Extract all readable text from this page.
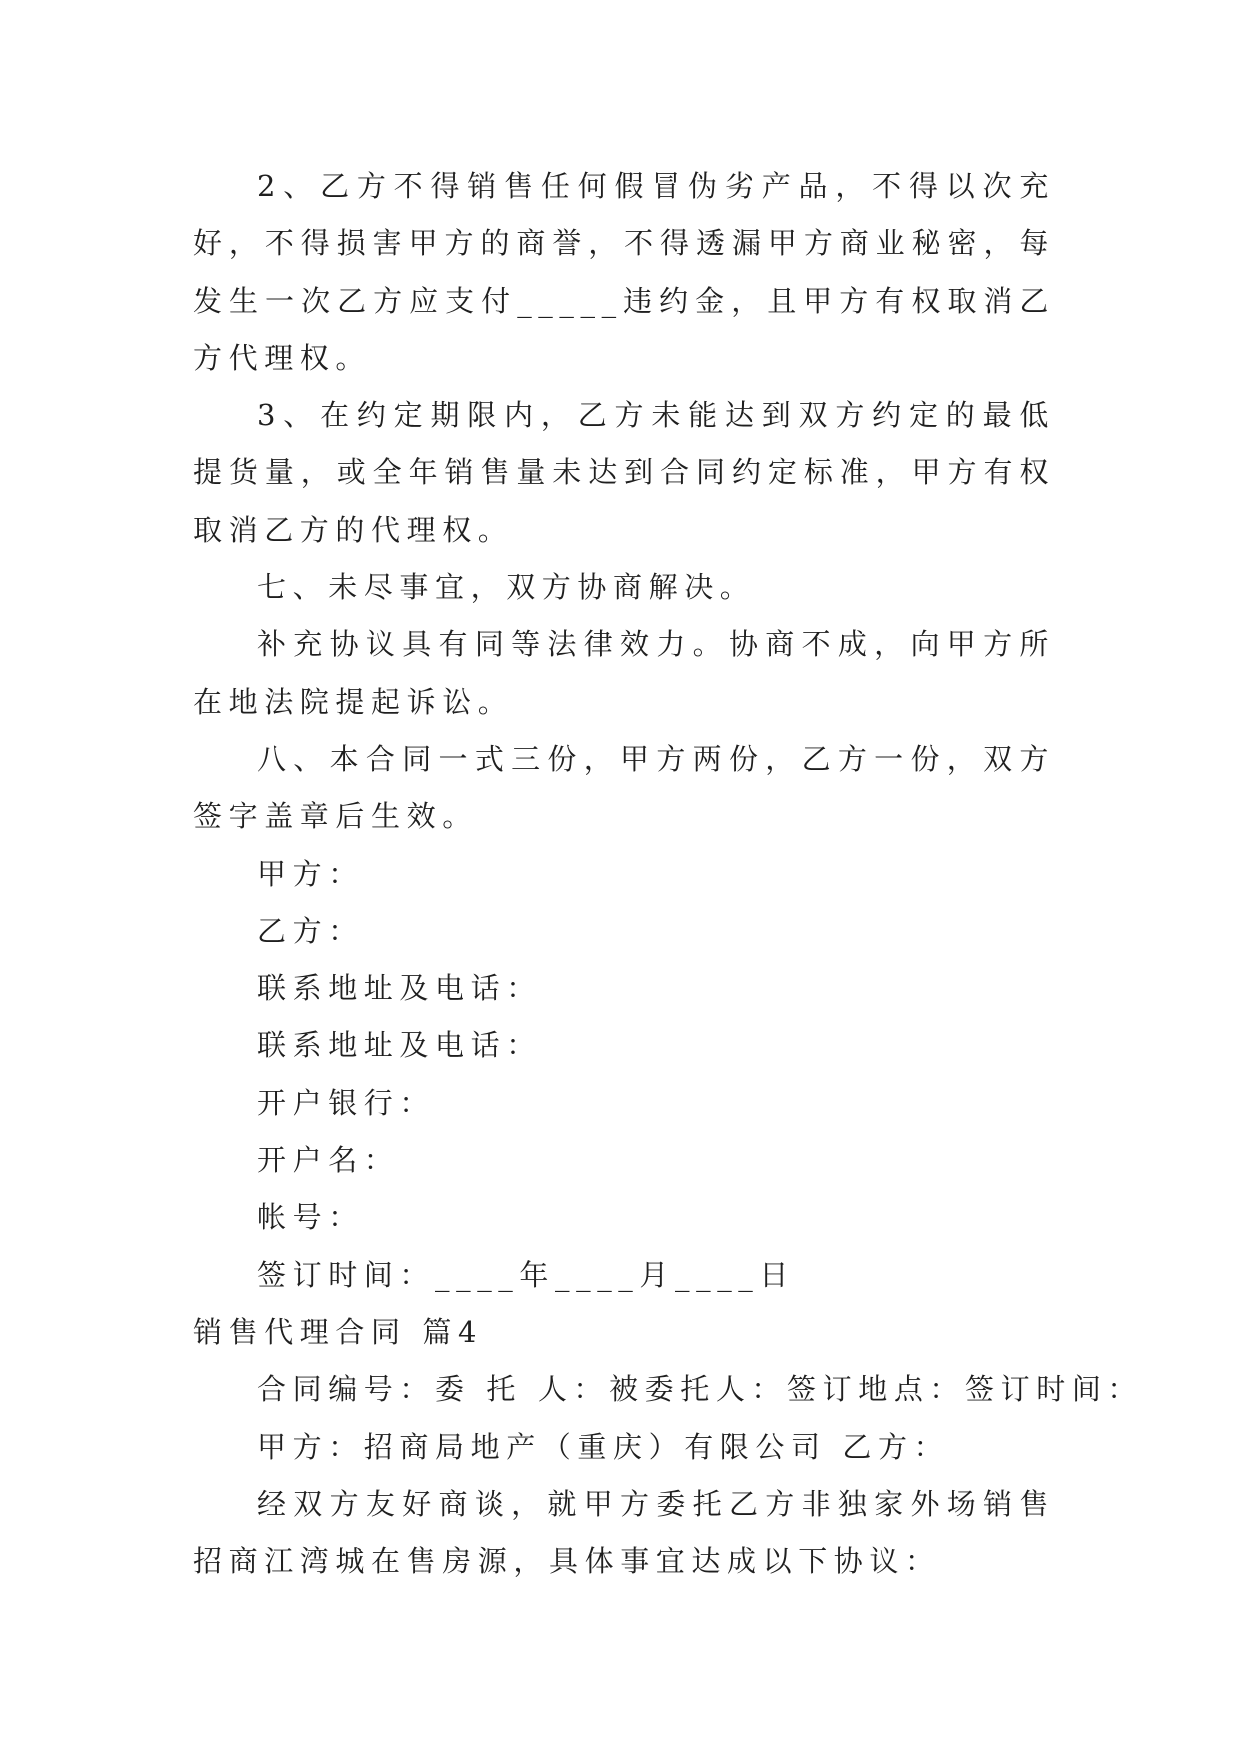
2、乙方不得销售任何假冒伪劣产品，不得以次充好，不得损害甲方的商誉，不得透漏甲方商业秘密，每发生一次乙方应支付_____违约金，且甲方有权取消乙方代理权。

3、在约定期限内，乙方未能达到双方约定的最低提货量，或全年销售量未达到合同约定标准，甲方有权取消乙方的代理权。

七、未尽事宜，双方协商解决。

补充协议具有同等法律效力。协商不成，向甲方所在地法院提起诉讼。

八、本合同一式三份，甲方两份，乙方一份，双方签字盖章后生效。

甲方：

乙方：

联系地址及电话：

联系地址及电话：

开户银行：

开户名：

帐号：

签订时间：____年____月____日

销售代理合同 篇4

合同编号：委 托 人：被委托人：签订地点：签订时间：

甲方：招商局地产（重庆）有限公司 乙方：

经双方友好商谈，就甲方委托乙方非独家外场销售 招商江湾城在售房源，具体事宜达成以下协议：
